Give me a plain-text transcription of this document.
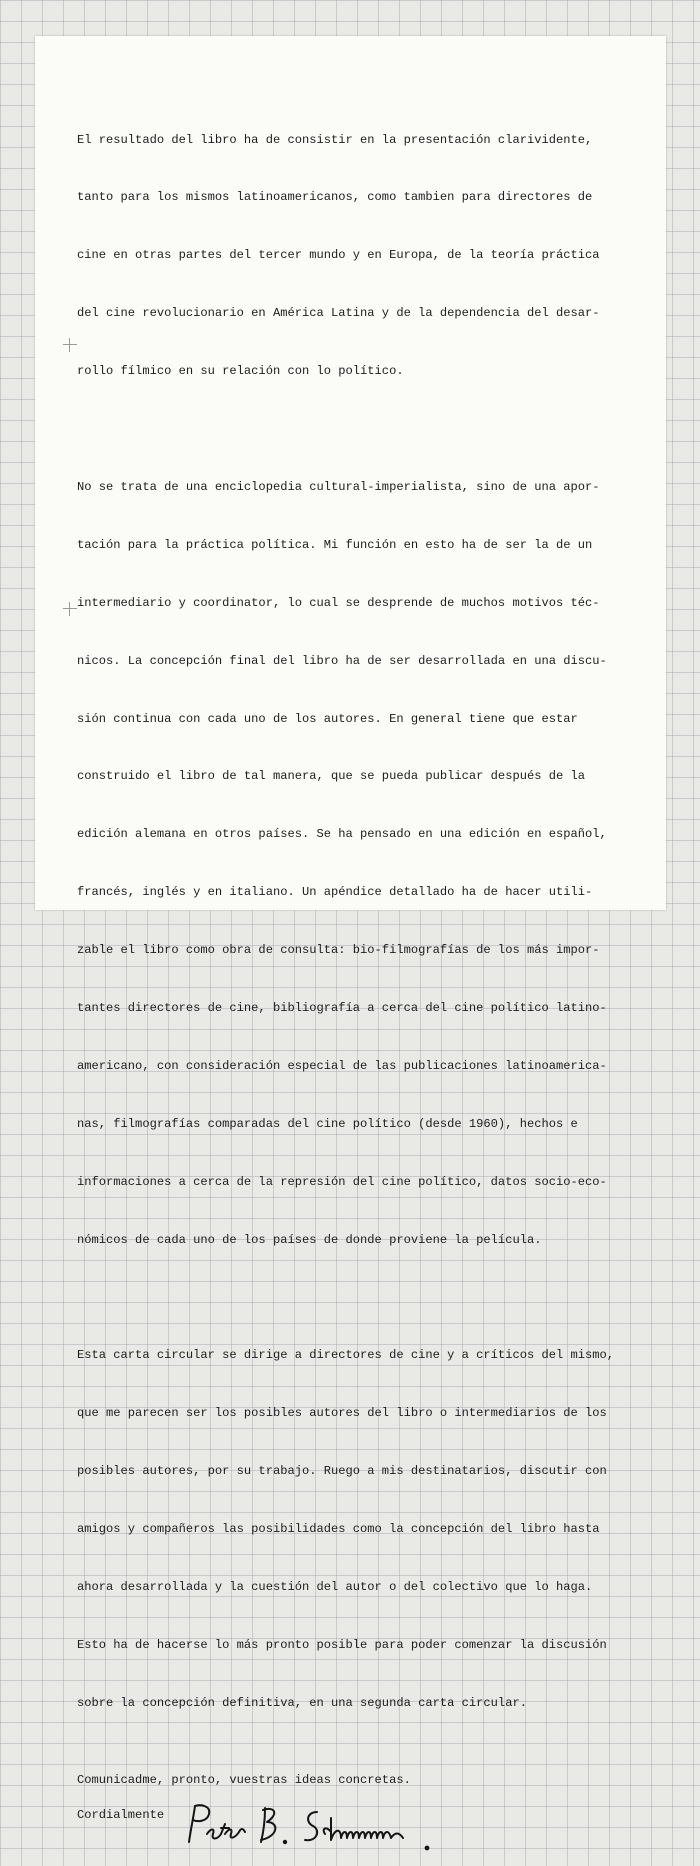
El resultado del libro ha de consistir en la presentación clarividente,

tanto para los mismos latinoamericanos, como tambien para directores de

cine en otras partes del tercer mundo y en Europa, de la teoría práctica

del cine revolucionario en América Latina y de la dependencia del desar-

rollo fílmico en su relación con lo político.

No se trata de una enciclopedia cultural-imperialista, sino de una apor-

tación para la práctica política. Mi función en esto ha de ser la de un

intermediario y coordinator, lo cual se desprende de muchos motivos téc-

nicos. La concepción final del libro ha de ser desarrollada en una discu-

sión continua con cada uno de los autores. En general tiene que estar

construido el libro de tal manera, que se pueda publicar después de la

edición alemana en otros países. Se ha pensado en una edición en español,

francés, inglés y en italiano. Un apéndice detallado ha de hacer utili-

zable el libro como obra de consulta: bio-filmografías de los más impor-

tantes directores de cine, bibliografía a cerca del cine político latino-

americano, con consideración especial de las publicaciones latinoamerica-

nas, filmografías comparadas del cine político (desde 1960), hechos e

informaciones a cerca de la represión del cine político, datos socio-eco-

nómicos de cada uno de los países de donde proviene la película.

Esta carta circular se dirige a directores de cine y a críticos del mismo,

que me parecen ser los posibles autores del libro o intermediarios de los

posibles autores, por su trabajo. Ruego a mis destinatarios, discutir con

amigos y compañeros las posibilidades como la concepción del libro hasta

ahora desarrollada y la cuestión del autor o del colectivo que lo haga.

Esto ha de hacerse lo más pronto posible para poder comenzar la discusión

sobre la concepción definitiva, en una segunda carta circular.

Comunicadme, pronto, vuestras ideas concretas.
Cordialmente
